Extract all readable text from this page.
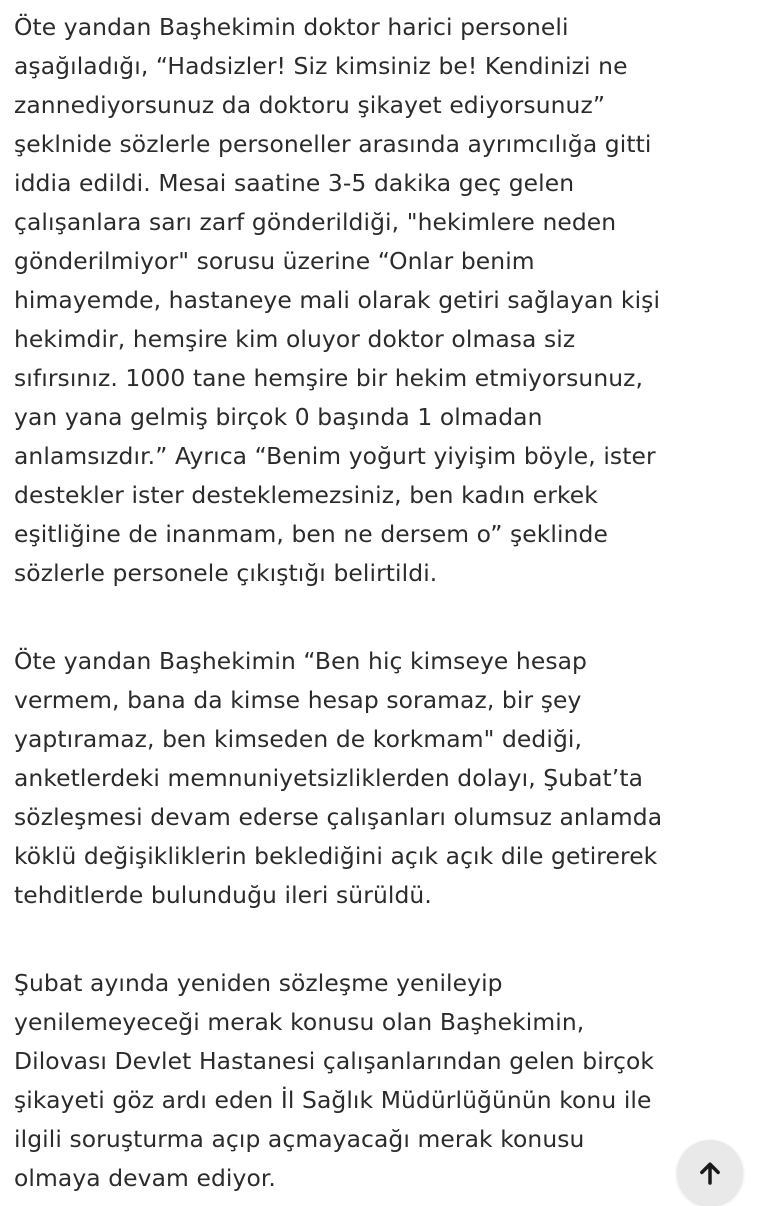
Öte yandan Başhekimin doktor harici personeli
aşağıladığı, “Hadsizler! Siz kimsiniz be! Kendinizi ne
zannediyorsunuz da doktoru şikayet ediyorsunuz”
şeklnide sözlerle personeller arasında ayrımcılığa gitti
iddia edildi. Mesai saatine 3-5 dakika geç gelen
çalışanlara sarı zarf gönderildiği, "hekimlere neden
gönderilmiyor" sorusu üzerine “Onlar benim
himayemde, hastaneye mali olarak getiri sağlayan kişi
hekimdir, hemşire kim oluyor doktor olmasa siz
sıfırsınız. 1000 tane hemşire bir hekim etmiyorsunuz,
yan yana gelmiş birçok 0 başında 1 olmadan
anlamsızdır.” Ayrıca “Benim yoğurt yiyişim böyle, ister
destekler ister desteklemezsiniz, ben kadın erkek
eşitliğine de inanmam, ben ne dersem o” şeklinde
sözlerle personele çıkıştığı belirtildi.

Öte yandan Başhekimin “Ben hiç kimseye hesap
vermem, bana da kimse hesap soramaz, bir şey
yaptıramaz, ben kimseden de korkmam" dediği,
anketlerdeki memnuniyetsizliklerden dolayı, Şubat’ta
sözleşmesi devam ederse çalışanları olumsuz anlamda
köklü değişikliklerin beklediğini açık açık dile getirerek
tehditlerde bulunduğu ileri sürüldü.

Şubat ayında yeniden sözleşme yenileyip
yenilemeyeceği merak konusu olan Başhekimin,
Dilovası Devlet Hastanesi çalışanlarından gelen birçok
şikayeti göz ardı eden İl Sağlık Müdürlüğünün konu ile
ilgili soruşturma açıp açmayacağı merak konusu
olmaya devam ediyor.
